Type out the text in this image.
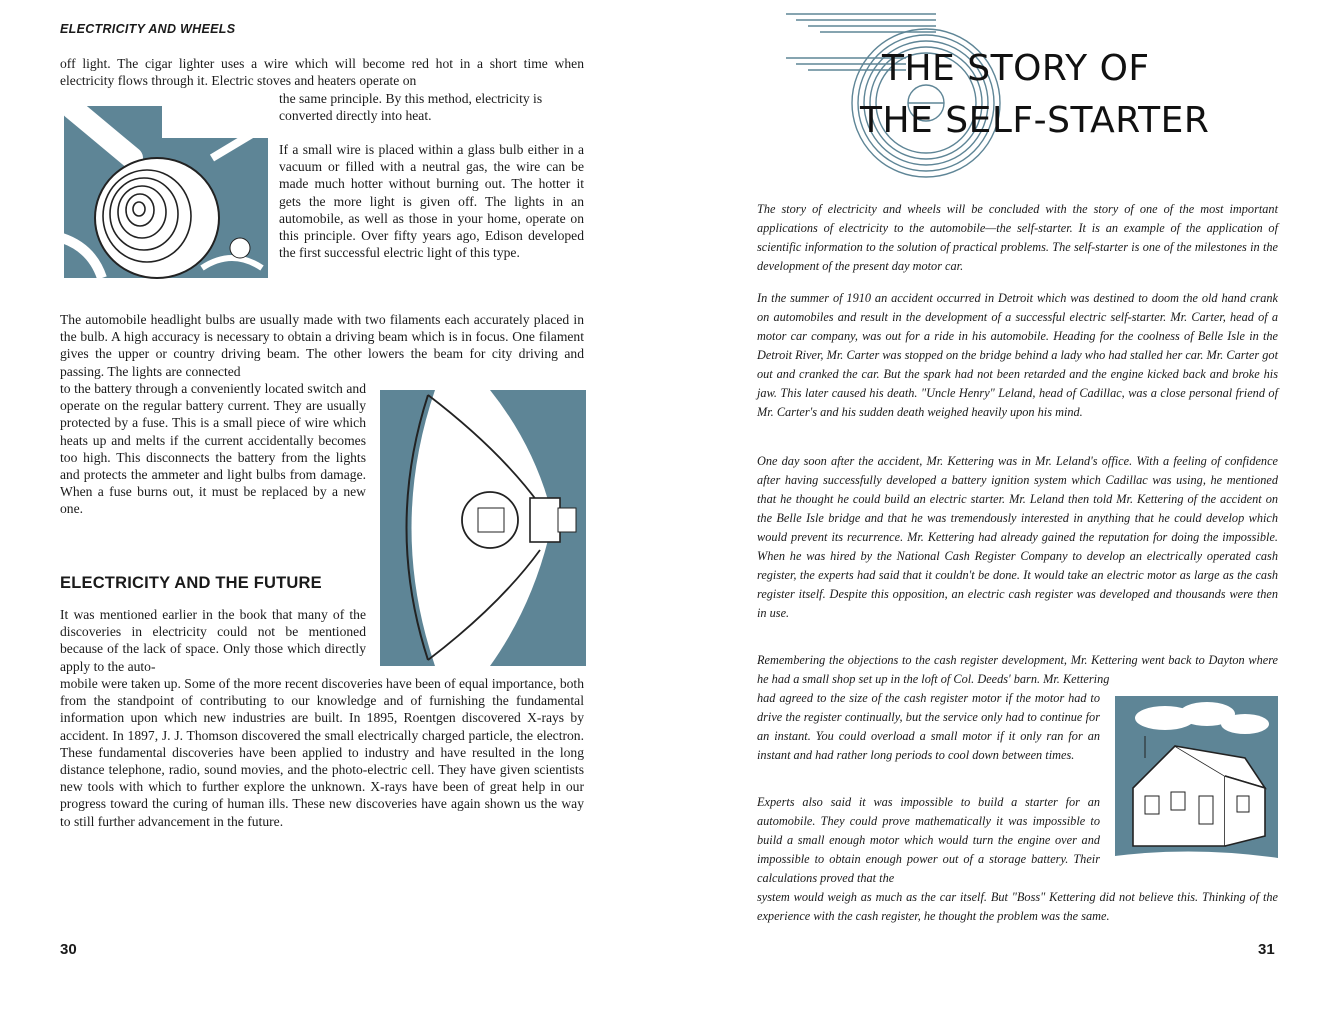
ELECTRICITY AND WHEELS

off light. The cigar lighter uses a wire which will become red hot in a short time when electricity flows through it. Electric stoves and heaters operate on

the same principle. By this method, electricity is converted directly into heat.

If a small wire is placed within a glass bulb either in a vacuum or filled with a neutral gas, the wire can be made much hotter without burning out. The hotter it gets the more light is given off. The lights in an automobile, as well as those in your home, operate on this principle. Over fifty years ago, Edison developed the first successful electric light of this type.

The automobile headlight bulbs are usually made with two filaments each accurately placed in the bulb. A high accuracy is necessary to obtain a driving beam which is in focus. One filament gives the upper or country driving beam. The other lowers the beam for city driving and passing. The lights are connected

to the battery through a conveniently located switch and operate on the regular battery current. They are usually protected by a fuse. This is a small piece of wire which heats up and melts if the current accidentally becomes too high. This disconnects the battery from the lights and protects the ammeter and light bulbs from damage. When a fuse burns out, it must be replaced by a new one.

ELECTRICITY AND THE FUTURE

It was mentioned earlier in the book that many of the discoveries in electricity could not be mentioned because of the lack of space. Only those which directly apply to the auto-

mobile were taken up. Some of the more recent discoveries have been of equal importance, both from the standpoint of contributing to our knowledge and of furnishing the fundamental information upon which new industries are built. In 1895, Roentgen discovered X-rays by accident. In 1897, J. J. Thomson discovered the small electrically charged particle, the electron. These fundamental discoveries have been applied to industry and have resulted in the long distance telephone, radio, sound movies, and the photo-electric cell. They have given scientists new tools with which to further explore the unknown. X-rays have been of great help in our progress toward the curing of human ills. These new discoveries have again shown us the way to still further advancement in the future.

30
THE STORY OF
THE SELF-STARTER

The story of electricity and wheels will be concluded with the story of one of the most important applications of electricity to the automobile—the self-starter. It is an example of the application of scientific information to the solution of practical problems. The self-starter is one of the milestones in the development of the present day motor car.

In the summer of 1910 an accident occurred in Detroit which was destined to doom the old hand crank on automobiles and result in the development of a successful electric self-starter. Mr. Carter, head of a motor car company, was out for a ride in his automobile. Heading for the coolness of Belle Isle in the Detroit River, Mr. Carter was stopped on the bridge behind a lady who had stalled her car. Mr. Carter got out and cranked the car. But the spark had not been retarded and the engine kicked back and broke his jaw. This later caused his death. "Uncle Henry" Leland, head of Cadillac, was a close personal friend of Mr. Carter's and his sudden death weighed heavily upon his mind.

One day soon after the accident, Mr. Kettering was in Mr. Leland's office. With a feeling of confidence after having successfully developed a battery ignition system which Cadillac was using, he mentioned that he thought he could build an electric starter. Mr. Leland then told Mr. Kettering of the accident on the Belle Isle bridge and that he was tremendously interested in anything that he could develop which would prevent its recurrence. Mr. Kettering had already gained the reputation for doing the impossible. When he was hired by the National Cash Register Company to develop an electrically operated cash register, the experts had said that it couldn't be done. It would take an electric motor as large as the cash register itself. Despite this opposition, an electric cash register was developed and thousands were then in use.

Remembering the objections to the cash register development, Mr. Kettering went back to Dayton where he had a small shop set up in the loft of Col. Deeds' barn. Mr. Kettering

had agreed to the size of the cash register motor if the motor had to drive the register continually, but the service only had to continue for an instant. You could overload a small motor if it only ran for an instant and had rather long periods to cool down between times.

Experts also said it was impossible to build a starter for an automobile. They could prove mathematically it was impossible to build a small enough motor which would turn the engine over and impossible to obtain enough power out of a storage battery. Their calculations proved that the

system would weigh as much as the car itself. But "Boss" Kettering did not believe this. Thinking of the experience with the cash register, he thought the problem was the same.

31
